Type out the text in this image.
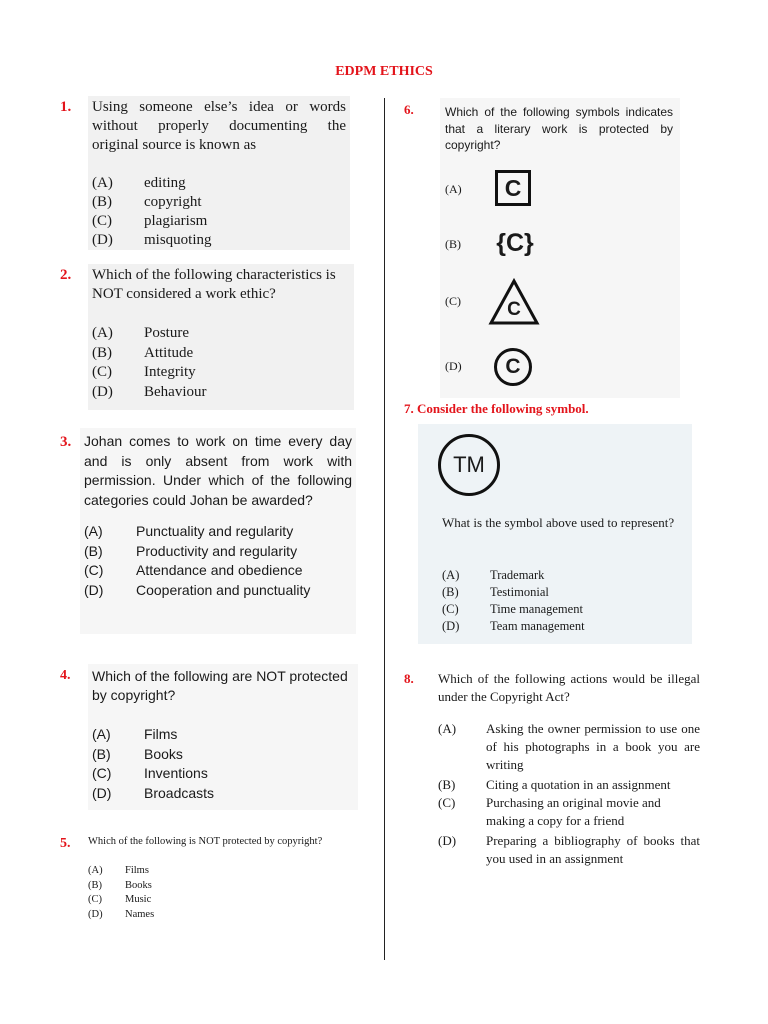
EDPM ETHICS
1. Using someone else’s idea or words without properly documenting the original source is known as

(A)	editing
(B)	copyright
(C)	plagiarism
(D)	misquoting
2. Which of the following characteristics is NOT considered a work ethic?

(A)	Posture
(B)	Attitude
(C)	Integrity
(D)	Behaviour
3. Johan comes to work on time every day and is only absent from work with permission. Under which of the following categories could Johan be awarded?

(A)	Punctuality and regularity
(B)	Productivity and regularity
(C)	Attendance and obedience
(D)	Cooperation and punctuality
4. Which of the following are NOT protected by copyright?

(A)	Films
(B)	Books
(C)	Inventions
(D)	Broadcasts
5. Which of the following is NOT protected by copyright?

(A)	Films
(B)	Books
(C)	Music
(D)	Names
6.	Which of the following symbols indicates that a literary work is protected by copyright?

(A) C
(B) {C}
(C) C
(D) C
7. Consider the following symbol.
TM

What is the symbol above used to represent?

(A)	Trademark
(B)	Testimonial
(C)	Time management
(D)	Team management
8. Which of the following actions would be illegal under the Copyright Act?

(A)	Asking the owner permission to use one of his photographs in a book you are writing
(B)	Citing a quotation in an assignment
(C)	Purchasing an original movie and making a copy for a friend
(D)	Preparing a bibliography of books that you used in an assignment
